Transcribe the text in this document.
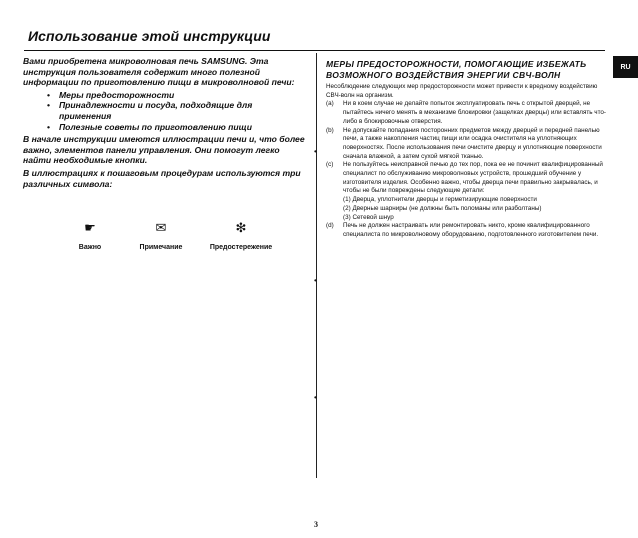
Использование этой инструкции
RU

Вами приобретена микроволновая печь SAMSUNG. Эта инструкция пользователя содержит много полезной информации по приготовлению пищи в микроволновой печи:

• Меры предосторожности
• Принадлежности и посуда, подходящие для применения
• Полезные советы по приготовлению пищи

В начале инструкции имеются иллюстрации печи и, что более важно, элементов панели управления. Они помогут легко найти необходимые кнопки.

В иллюстрациях к пошаговым процедурам используются три различных символа:

☛
Важно
✉
Примечание
❇
Предостережение
•
•
•
МЕРЫ ПРЕДОСТОРОЖНОСТИ, ПОМОГАЮЩИЕ ИЗБЕЖАТЬ ВОЗМОЖНОГО ВОЗДЕЙСТВИЯ ЭНЕРГИИ СВЧ-ВОЛН

Несоблюдение следующих мер предосторожности может привести к вредному воздействию СВЧ-волн на организм.

(a) Ни в коем случае не делайте попыток эксплуатировать печь с открытой дверцей, не пытайтесь ничего менять в механизме блокировки (защелках дверцы) или вставлять что-либо в блокировочные отверстия.
(b) Не допускайте попадания посторонних предметов между дверцей и передней панелью печи, а также накопления частиц пищи или осадка очистителя на уплотняющих поверхностях. После использования печи очистите дверцу и уплотняющие поверхности сначала влажной, а затем сухой мягкой тканью.
(c) Не пользуйтесь неисправной печью до тех пор, пока ее не починит квалифицированный специалист по обслуживанию микроволновых устройств, прошедший обучение у изготовителя изделия. Особенно важно, чтобы дверца печи правильно закрывалась, и чтобы не были повреждены следующие детали:
(1) Дверца, уплотнители дверцы и герметизирующие поверхности
(2) Дверные шарниры (не должны быть поломаны или разболтаны)
(3) Сетевой шнур
(d) Печь не должен настраивать или ремонтировать никто, кроме квалифицированного специалиста по микроволновому оборудованию, подготовленного изготовителем печи.
3
